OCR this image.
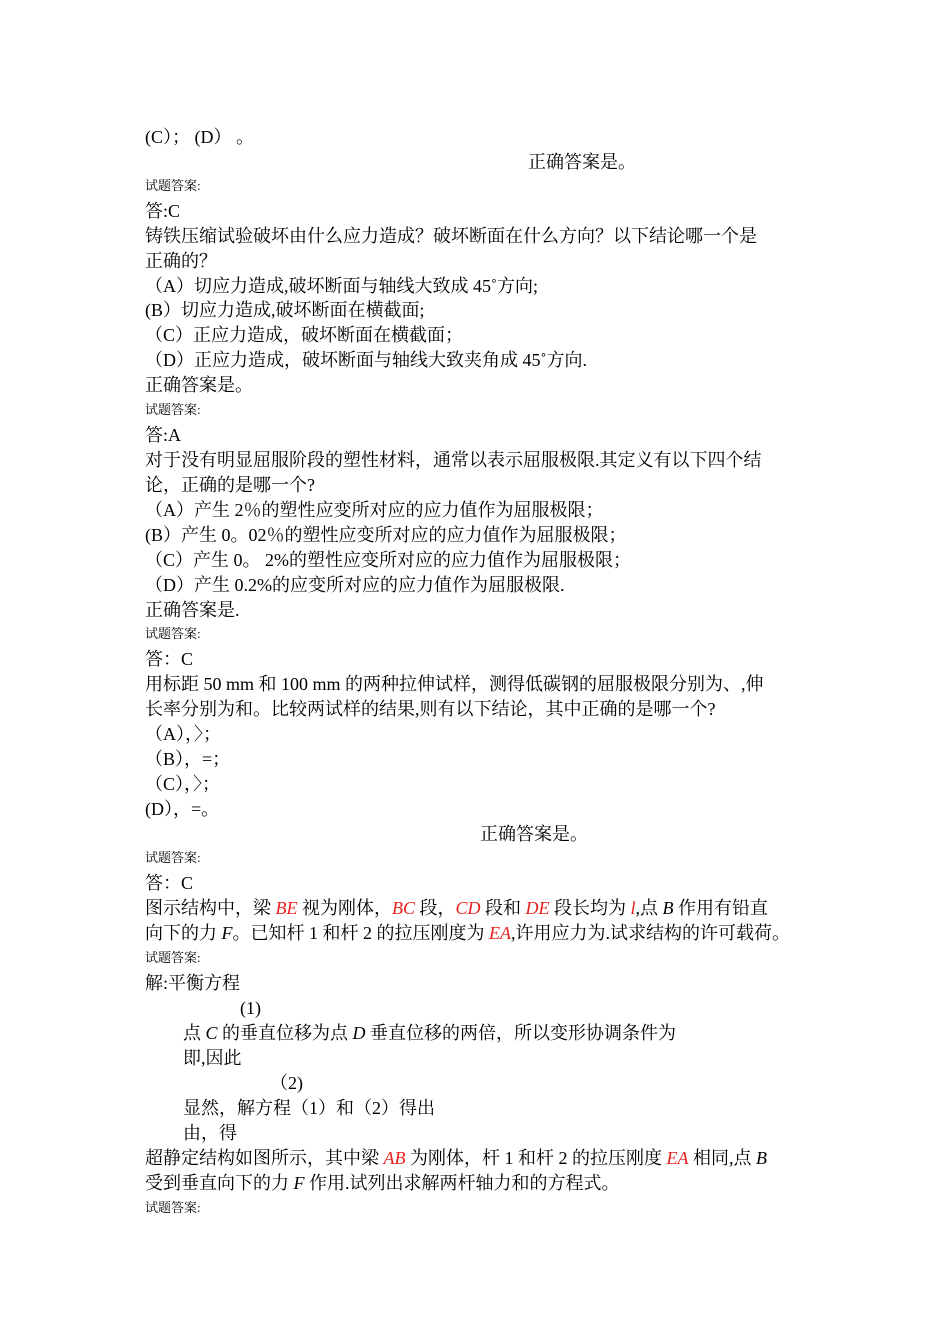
(C）； (D） 。
正确答案是。
试题答案:
答:C
铸铁压缩试验破坏由什么应力造成？破坏断面在什么方向？以下结论哪一个是
正确的？
（A）切应力造成,破坏断面与轴线大致成 45˚方向;
(B）切应力造成,破坏断面在横截面;
（C）正应力造成，破坏断面在横截面；
（D）正应力造成，破坏断面与轴线大致夹角成 45˚方向.
正确答案是。
试题答案:
答:A
对于没有明显屈服阶段的塑性材料，通常以表示屈服极限.其定义有以下四个结
论，正确的是哪一个?
（A）产生 2％的塑性应变所对应的应力值作为屈服极限；
(B）产生 0。02％的塑性应变所对应的应力值作为屈服极限；
（C）产生 0。 2%的塑性应变所对应的应力值作为屈服极限；
（D）产生 0.2%的应变所对应的应力值作为屈服极限.
正确答案是.
试题答案:
答：C
用标距 50 mm 和 100 mm 的两种拉伸试样，测得低碳钢的屈服极限分别为、,伸
长率分别为和。比较两试样的结果,则有以下结论，其中正确的是哪一个?
（A），〉；
（B），=；
（C），〉；
(D），=。
正确答案是。
试题答案:
答：C
图示结构中，梁 BE 视为刚体，BC 段，CD 段和 DE 段长均为 l,点 B 作用有铅直
向下的力 F。已知杆 1 和杆 2 的拉压刚度为 EA,许用应力为.试求结构的许可载荷。
试题答案:
解:平衡方程
(1)
点 C 的垂直位移为点 D 垂直位移的两倍，所以变形协调条件为
即,因此
（2)
显然，解方程（1）和（2）得出
由，得
超静定结构如图所示，其中梁 AB 为刚体，杆 1 和杆 2 的拉压刚度 EA 相同,点 B
受到垂直向下的力 F 作用.试列出求解两杆轴力和的方程式。
试题答案:
